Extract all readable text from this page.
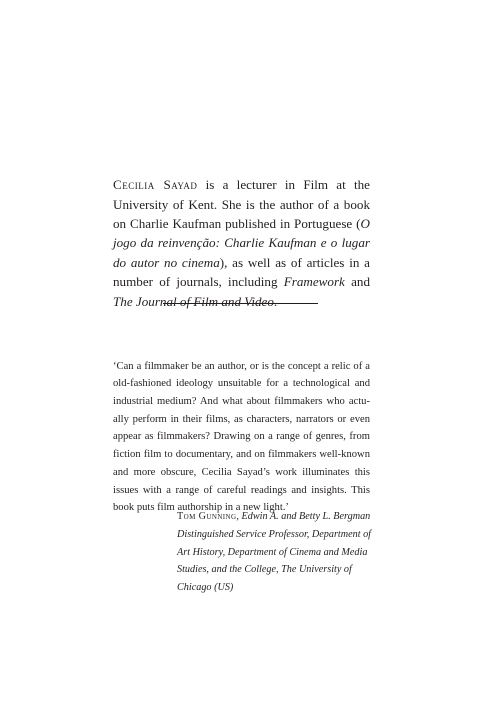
Cecilia Sayad is a lecturer in Film at the University of Kent. She is the author of a book on Charlie Kaufman published in Portuguese (O jogo da reinvenção: Charlie Kaufman e o lugar do autor no cinema), as well as of articles in a number of journals, including Framework and The Journal of Film and Video.

‘Can a filmmaker be an author, or is the concept a relic of a old-fashioned ideology unsuitable for a technological and industrial medium? And what about filmmakers who actually perform in their films, as characters, narrators or even appear as filmmakers? Drawing on a range of genres, from fiction film to documentary, and on filmmakers well-known and more obscure, Cecilia Sayad’s work illuminates this issues with a range of careful readings and insights. This book puts film authorship in a new light.’

Tom Gunning, Edwin A. and Betty L. Bergman Distinguished Service Professor, Department of Art History, Department of Cinema and Media Studies, and the College, The University of Chicago (US)
